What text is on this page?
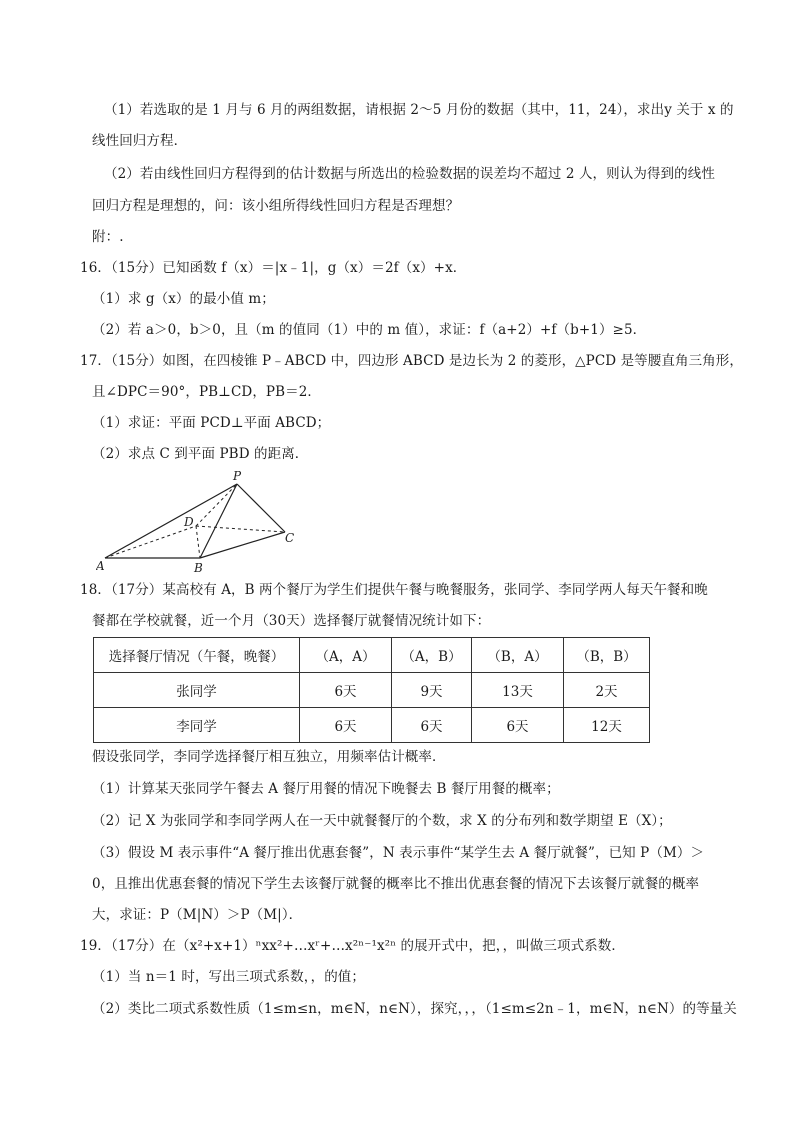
（1）若选取的是 1 月与 6 月的两组数据，请根据 2～5 月份的数据（其中，11，24），求出y 关于 x 的
线性回归方程．
（2）若由线性回归方程得到的估计数据与所选出的检验数据的误差均不超过 2 人，则认为得到的线性
回归方程是理想的，问：该小组所得线性回归方程是否理想？
附：.
16．（15分）已知函数 f（x）＝|x﹣1|，g（x）＝2f（x）+x．
（1）求 g（x）的最小值 m；
（2）若 a＞0，b＞0，且（m 的值同（1）中的 m 值），求证：f（a+2）+f（b+1）≥5．
17．（15分）如图，在四棱锥 P﹣ABCD 中，四边形 ABCD 是边长为 2 的菱形，△PCD 是等腰直角三角形，
且∠DPC＝90°，PB⊥CD，PB＝2．
（1）求证：平面 PCD⊥平面 ABCD；
（2）求点 C 到平面 PBD 的距离．
P
D
C
A	B
18．（17分）某高校有 A，B 两个餐厅为学生们提供午餐与晚餐服务，张同学、李同学两人每天午餐和晚
餐都在学校就餐，近一个月（30天）选择餐厅就餐情况统计如下：
选择餐厅情况（午餐，晚餐）	（A，A）	（A，B）	（B，A）	（B，B）
张同学	6天	9天	13天	2天
李同学	6天	6天	6天	12天
假设张同学，李同学选择餐厅相互独立，用频率估计概率．
（1）计算某天张同学午餐去 A 餐厅用餐的情况下晚餐去 B 餐厅用餐的概率；
（2）记 X 为张同学和李同学两人在一天中就餐餐厅的个数，求 X 的分布列和数学期望 E（X）；
（3）假设 M 表示事件“A 餐厅推出优惠套餐”，N 表示事件“某学生去 A 餐厅就餐”，已知 P（M）＞
0，且推出优惠套餐的情况下学生去该餐厅就餐的概率比不推出优惠套餐的情况下去该餐厅就餐的概率
大，求证：P（M|N）＞P（M|）．
19．（17分）在（x²+x+1）ⁿxx²+…xʳ+…x²ⁿ⁻¹x²ⁿ 的展开式中，把，，叫做三项式系数．
（1）当 n＝1 时，写出三项式系数，，的值；
（2）类比二项式系数性质（1≤m≤n，m∈N，n∈N），探究，，，（1≤m≤2n﹣1，m∈N，n∈N）的等量关
